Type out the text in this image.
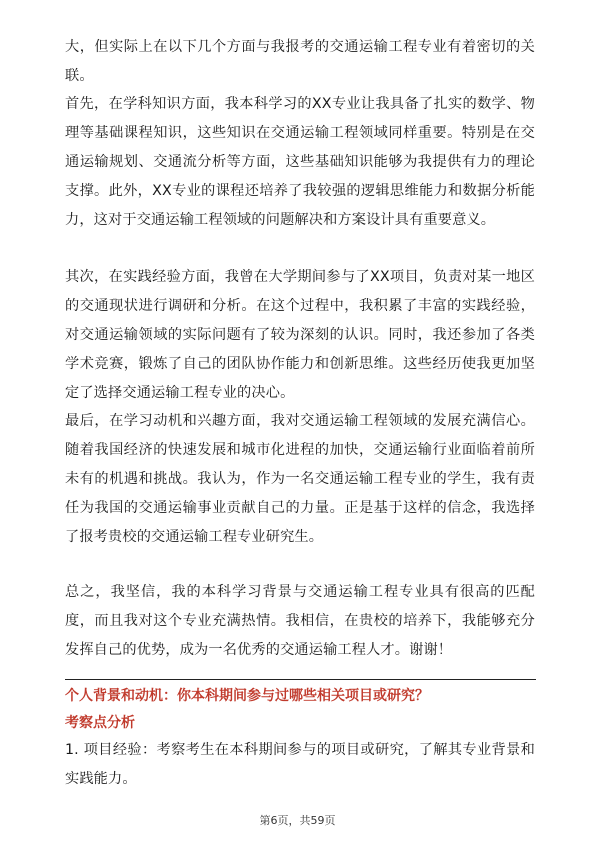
大，但实际上在以下几个方面与我报考的交通运输工程专业有着密切的关联。

首先，在学科知识方面，我本科学习的XX专业让我具备了扎实的数学、物理等基础课程知识，这些知识在交通运输工程领域同样重要。特别是在交通运输规划、交通流分析等方面，这些基础知识能够为我提供有力的理论支撑。此外，XX专业的课程还培养了我较强的逻辑思维能力和数据分析能力，这对于交通运输工程领域的问题解决和方案设计具有重要意义。

其次，在实践经验方面，我曾在大学期间参与了XX项目，负责对某一地区的交通现状进行调研和分析。在这个过程中，我积累了丰富的实践经验，对交通运输领域的实际问题有了较为深刻的认识。同时，我还参加了各类学术竞赛，锻炼了自己的团队协作能力和创新思维。这些经历使我更加坚定了选择交通运输工程专业的决心。

最后，在学习动机和兴趣方面，我对交通运输工程领域的发展充满信心。随着我国经济的快速发展和城市化进程的加快，交通运输行业面临着前所未有的机遇和挑战。我认为，作为一名交通运输工程专业的学生，我有责任为我国的交通运输事业贡献自己的力量。正是基于这样的信念，我选择了报考贵校的交通运输工程专业研究生。

总之，我坚信，我的本科学习背景与交通运输工程专业具有很高的匹配度，而且我对这个专业充满热情。我相信，在贵校的培养下，我能够充分发挥自己的优势，成为一名优秀的交通运输工程人才。谢谢！

个人背景和动机：你本科期间参与过哪些相关项目或研究？

考察点分析

1. 项目经验：考察考生在本科期间参与的项目或研究，了解其专业背景和实践能力。

第6页，共59页
